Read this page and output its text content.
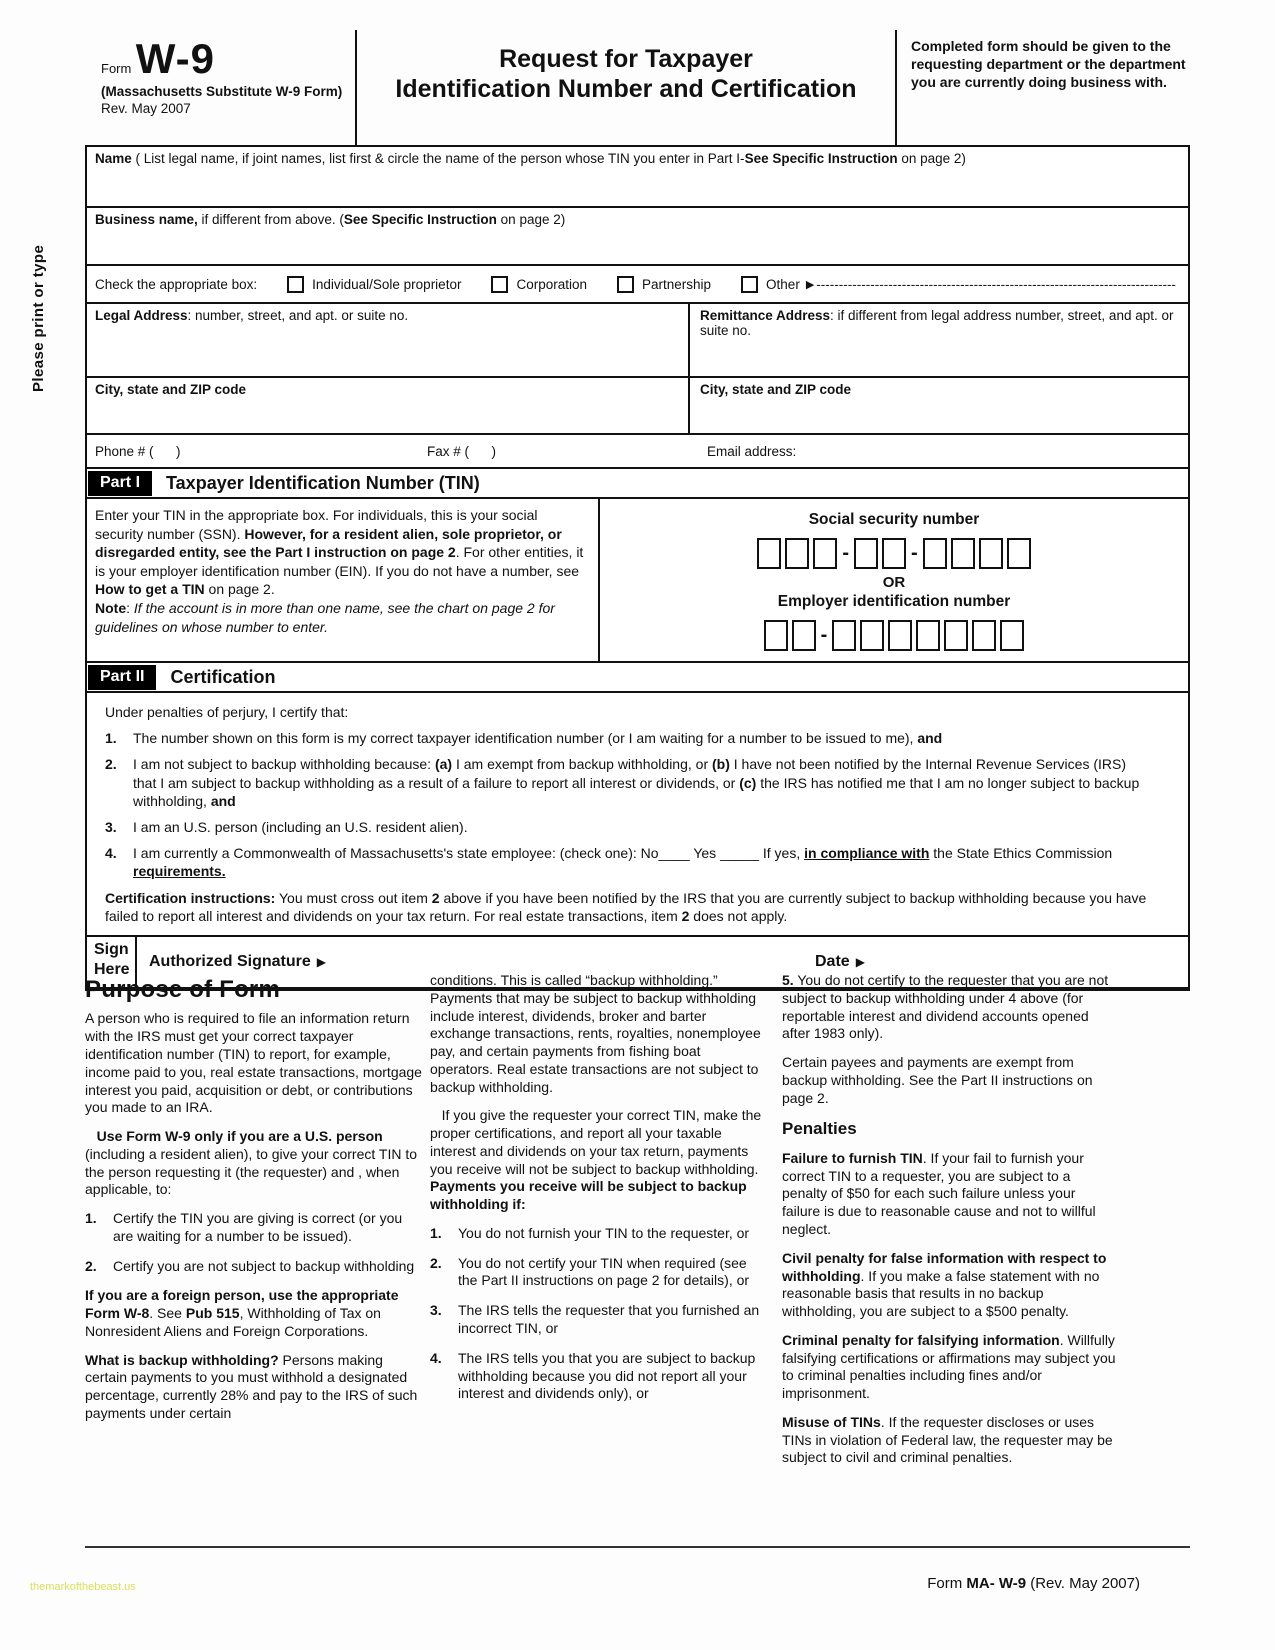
Please print or type
Form W-9
(Massachusetts Substitute W-9 Form)
Rev. May 2007
Request for Taxpayer
Identification Number and Certification
Completed form should be given to the requesting department or the department you are currently doing business with.
Name ( List legal name, if joint names, list first & circle the name of the person whose TIN you enter in Part I-See Specific Instruction on page 2)
Business name, if different from above. (See Specific Instruction on page 2)
Check the appropriate box:	Individual/Sole proprietor	Corporation	Partnership	Other ▶ --------------------------------------------------------------------------------
Legal Address: number, street, and apt. or suite no.	Remittance Address: if different from legal address number, street, and apt. or suite no.
City, state and ZIP code	City, state and ZIP code
Phone # (      )	Fax # (      )	Email address:
Part I	Taxpayer Identification Number (TIN)
Enter your TIN in the appropriate box. For individuals, this is your social security number (SSN). However, for a resident alien, sole proprietor, or disregarded entity, see the Part I instruction on page 2. For other entities, it is your employer identification number (EIN). If you do not have a number, see How to get a TIN on page 2.
Note: If the account is in more than one name, see the chart on page 2 for guidelines on whose number to enter.
Social security number
-	-
OR
Employer identification number
-
Part II	Certification
Under penalties of perjury, I certify that:
1.	The number shown on this form is my correct taxpayer identification number (or I am waiting for a number to be issued to me), and
2.	I am not subject to backup withholding because: (a) I am exempt from backup withholding, or (b) I have not been notified by the Internal Revenue Services (IRS) that I am subject to backup withholding as a result of a failure to report all interest or dividends, or (c) the IRS has notified me that I am no longer subject to backup withholding, and
3.	I am an U.S. person (including an U.S. resident alien).
4.	I am currently a Commonwealth of Massachusetts's state employee: (check one): No____ Yes _____ If yes, in compliance with the State Ethics Commission requirements.
Certification instructions: You must cross out item 2 above if you have been notified by the IRS that you are currently subject to backup withholding because you have failed to report all interest and dividends on your tax return. For real estate transactions, item 2 does not apply.
Sign
Here	Authorized Signature ▶	Date ▶
Purpose of Form

A person who is required to file an information return with the IRS must get your correct taxpayer identification number (TIN) to report, for example, income paid to you, real estate transactions, mortgage interest you paid, acquisition or debt, or contributions you made to an IRA.

Use Form W-9 only if you are a U.S. person (including a resident alien), to give your correct TIN to the person requesting it (the requester) and , when applicable, to:

1.	Certify the TIN you are giving is correct (or you are waiting for a number to be issued).
2.	Certify you are not subject to backup withholding

If you are a foreign person, use the appropriate Form W-8. See Pub 515, Withholding of Tax on Nonresident Aliens and Foreign Corporations.

What is backup withholding? Persons making certain payments to you must withhold a designated percentage, currently 28% and pay to the IRS of such payments under certain

conditions. This is called “backup withholding.” Payments that may be subject to backup withholding include interest, dividends, broker and barter exchange transactions, rents, royalties, nonemployee pay, and certain payments from fishing boat operators. Real estate transactions are not subject to backup withholding.

If you give the requester your correct TIN, make the proper certifications, and report all your taxable interest and dividends on your tax return, payments you receive will not be subject to backup withholding. Payments you receive will be subject to backup withholding if:

1.	You do not furnish your TIN to the requester, or
2.	You do not certify your TIN when required (see the Part II instructions on page 2 for details), or
3.	The IRS tells the requester that you furnished an incorrect TIN, or
4.	The IRS tells you that you are subject to backup withholding because you did not report all your interest and dividends only), or

5. You do not certify to the requester that you are not subject to backup withholding under 4 above (for reportable interest and dividend accounts opened after 1983 only).

Certain payees and payments are exempt from backup withholding. See the Part II instructions on page 2.

Penalties

Failure to furnish TIN. If your fail to furnish your correct TIN to a requester, you are subject to a penalty of $50 for each such failure unless your failure is due to reasonable cause and not to willful neglect.

Civil penalty for false information with respect to withholding. If you make a false statement with no reasonable basis that results in no backup withholding, you are subject to a $500 penalty.

Criminal penalty for falsifying information. Willfully falsifying certifications or affirmations may subject you to criminal penalties including fines and/or imprisonment.

Misuse of TINs. If the requester discloses or uses TINs in violation of Federal law, the requester may be subject to civil and criminal penalties.

themarkofthebeast.us	Form MA- W-9 (Rev. May 2007)
